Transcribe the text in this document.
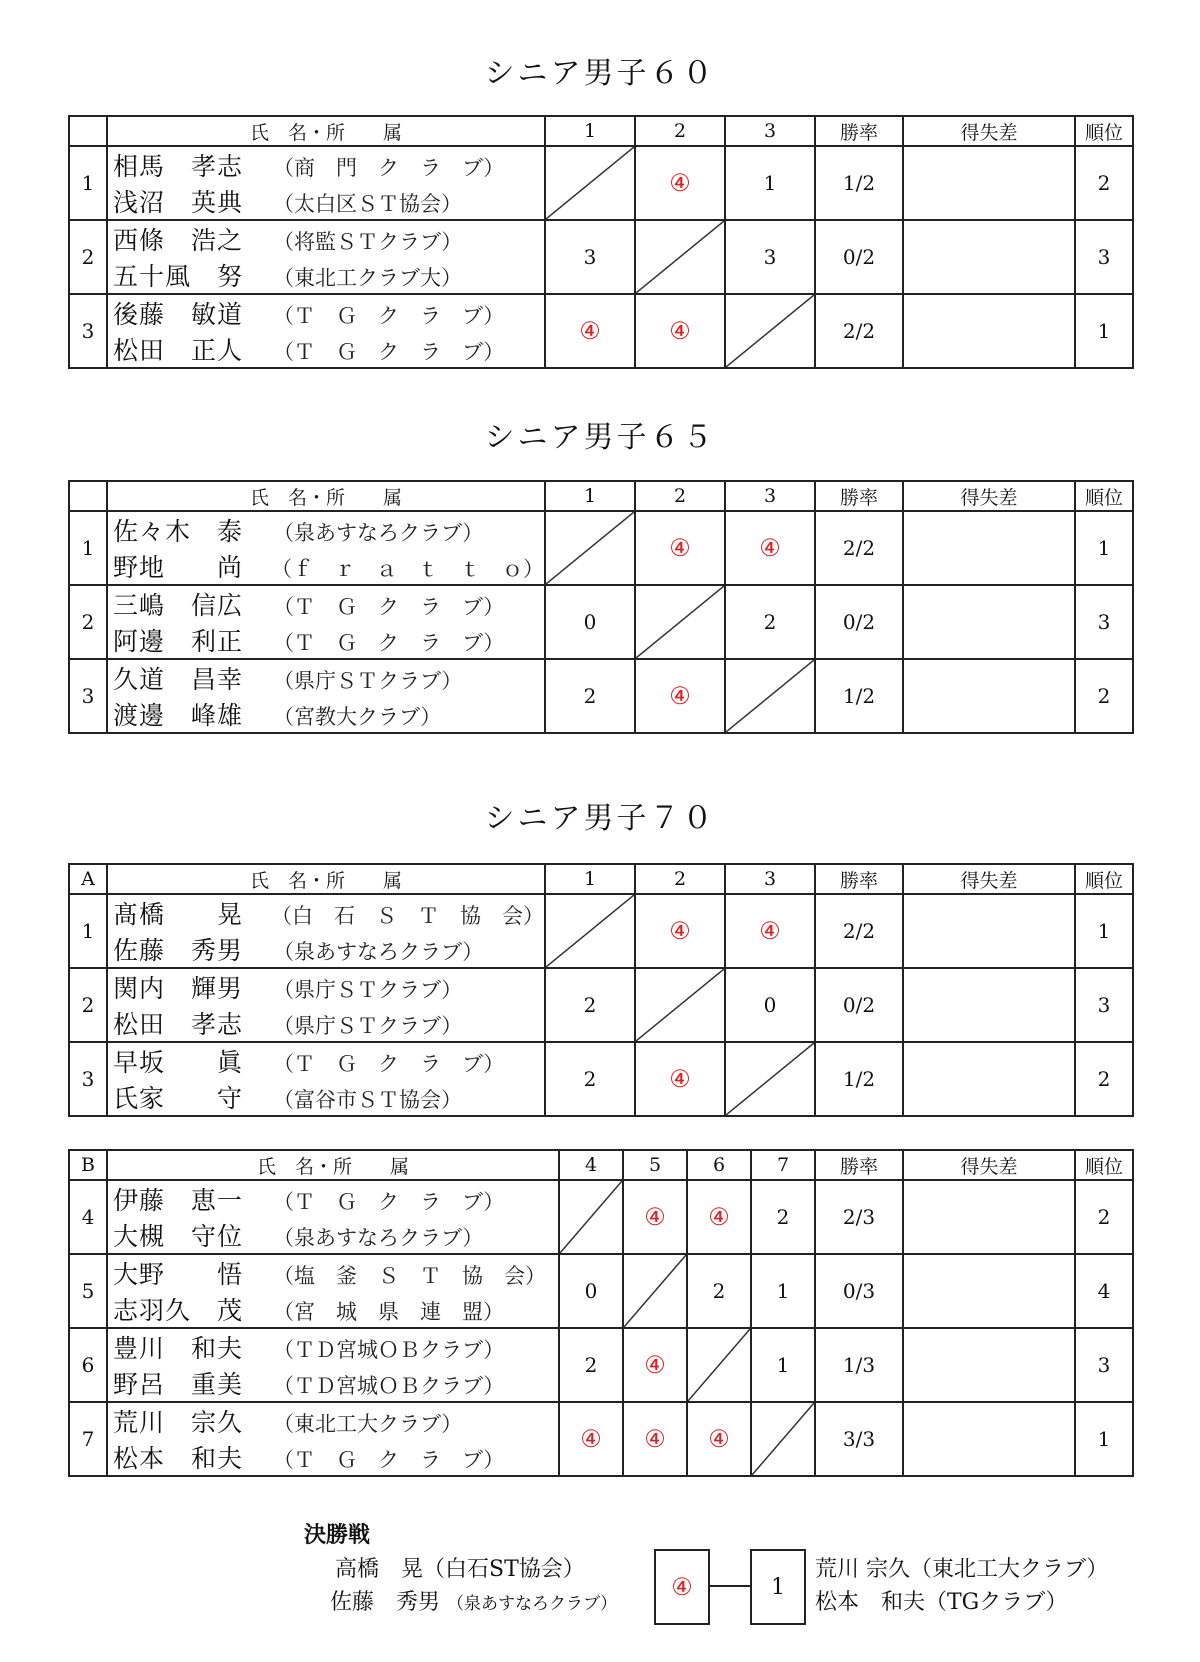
シニア男子６０
	氏　名・所　　属	1	2	3	勝率	得失差	順位
1	相馬　孝志 （商　門　ク　ラ　ブ）
浅沼　英典 （太白区ＳＴ協会）		④	1	1/2		2
2	西條　浩之 （将監ＳＴクラブ）
五十風　努 （東北工クラブ大）	3		3	0/2		3
3	後藤　敏道 （Ｔ　Ｇ　ク　ラ　ブ）
松田　正人 （Ｔ　Ｇ　ク　ラ　ブ）	④	④		2/2		1
シニア男子６５
	氏　名・所　　属	1	2	3	勝率	得失差	順位
1	佐々木　泰 （泉あすなろクラブ）
野地　　尚 （ｆ　ｒ　ａ　ｔ　ｔ　ｏ）		④	④	2/2		1
2	三嶋　信広 （Ｔ　Ｇ　ク　ラ　ブ）
阿邊　利正 （Ｔ　Ｇ　ク　ラ　ブ）	0		2	0/2		3
3	久道　昌幸 （県庁ＳＴクラブ）
渡邊　峰雄 （宮教大クラブ）	2	④		1/2		2
シニア男子７０
A	氏　名・所　　属	1	2	3	勝率	得失差	順位
1	髙橋　　晃 （白　石　Ｓ　Ｔ　協　会）
佐藤　秀男 （泉あすなろクラブ）		④	④	2/2		1
2	関内　輝男 （県庁ＳＴクラブ）
松田　孝志 （県庁ＳＴクラブ）	2		0	0/2		3
3	早坂　　眞 （Ｔ　Ｇ　ク　ラ　ブ）
氏家　　守 （富谷市ＳＴ協会）	2	④		1/2		2
B	氏　名・所　　属	4	5	6	7	勝率	得失差	順位
4	伊藤　恵一 （Ｔ　Ｇ　ク　ラ　ブ）
大槻　守位 （泉あすなろクラブ）		④	④	2	2/3		2
5	大野　　悟 （塩　釜　Ｓ　Ｔ　協　会）
志羽久　茂 （宮　城　県　連　盟）	0		2	1	0/3		4
6	豊川　和夫 （ＴＤ宮城ＯＢクラブ）
野呂　重美 （ＴＤ宮城ＯＢクラブ）	2	④		1	1/3		3
7	荒川　宗久 （東北工大クラブ）
松本　和夫 （Ｔ　Ｇ　ク　ラ　ブ）	④	④	④		3/3		1
決勝戦
高橋　晃（白石ST協会）
佐藤　秀男 （泉あすなろクラブ）
④	1
荒川 宗久（東北工大クラブ）
松本　和夫（TGクラブ）
